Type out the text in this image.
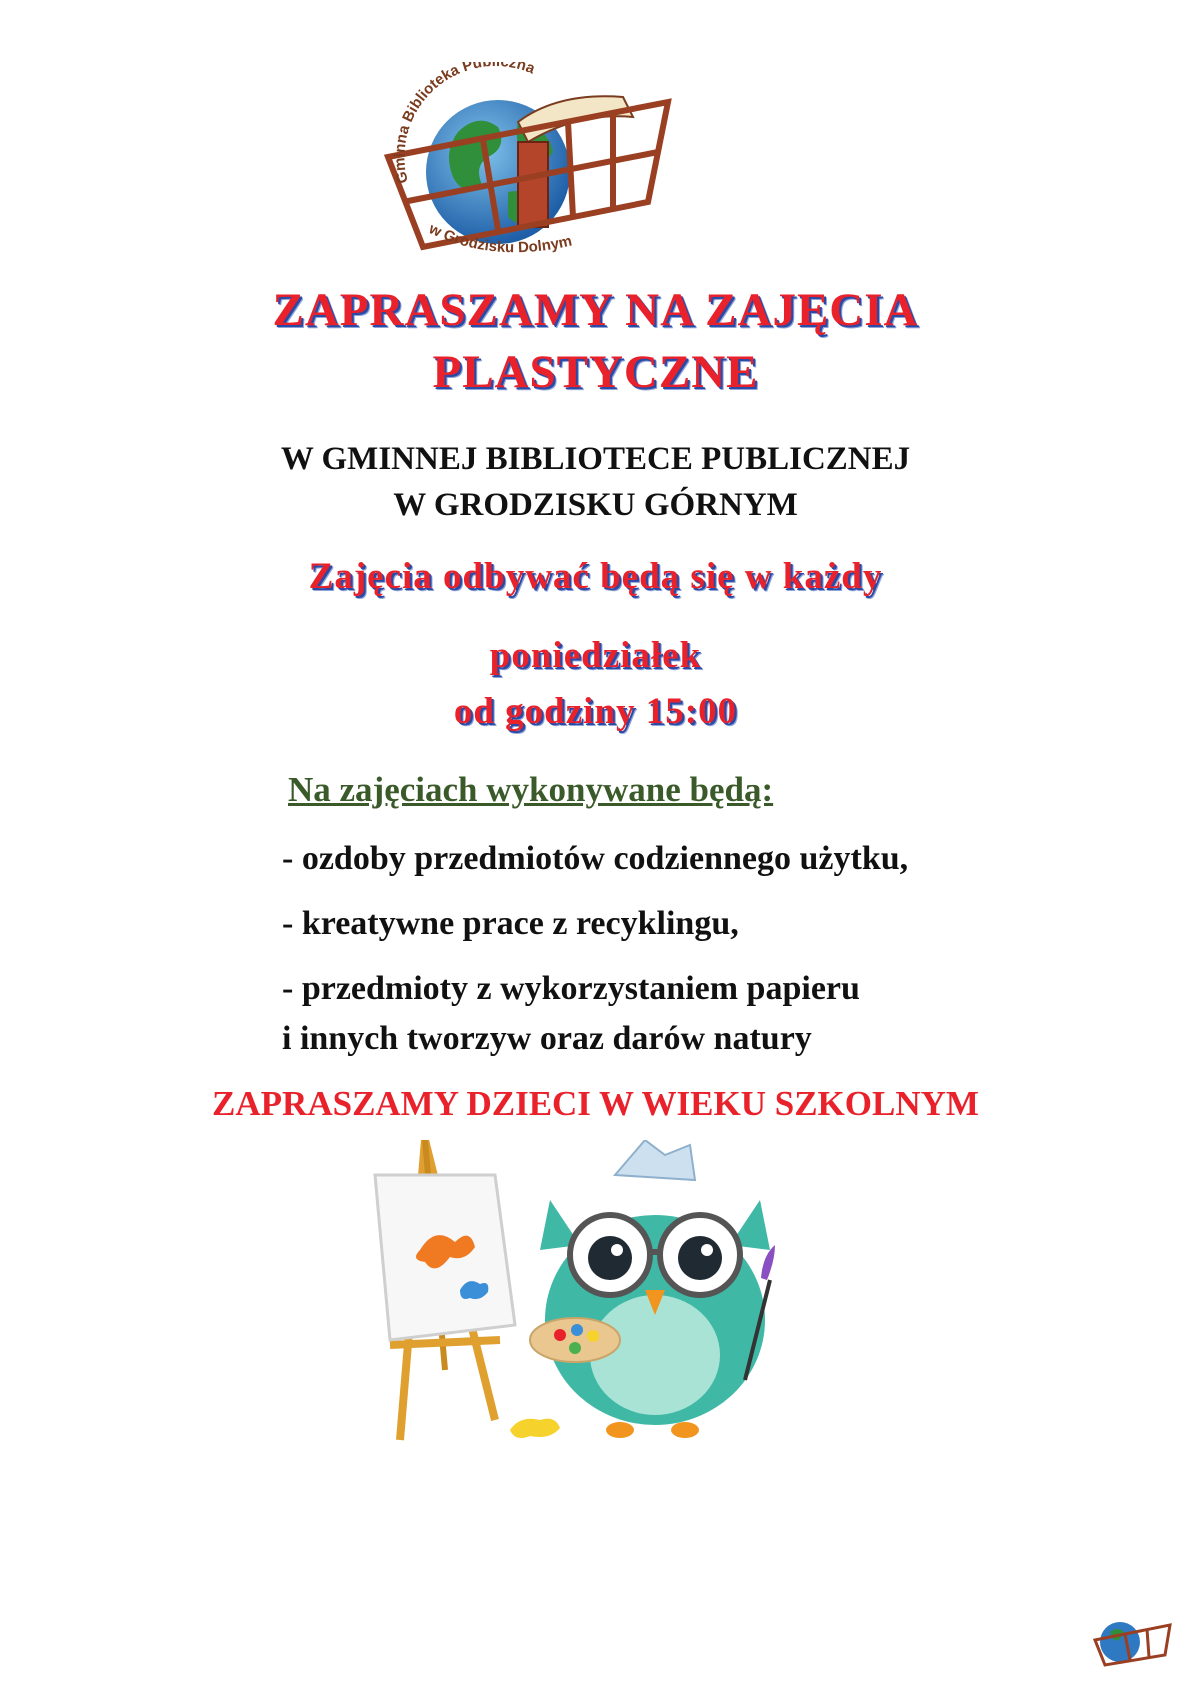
Gminna Biblioteka Pu zna
w Grodzisku Dolnym
ZAPRASZAMY NA ZAJĘCIA
PLASTYCZNE
W GMINNEJ BIBLIOTECE PUBLICZNEJ
W GRODZISKU GÓRNYM
Zajęcia odbywać będą się w każdy
poniedziałek
od godziny 15:00
Na zajęciach wykonywane będą:
- ozdoby przedmiotów codziennego użytku,
- kreatywne prace z recyklingu,
- przedmioty z wykorzystaniem papieru
i innych tworzyw oraz darów natury
ZAPRASZAMY DZIECI W WIEKU SZKOLNYM
